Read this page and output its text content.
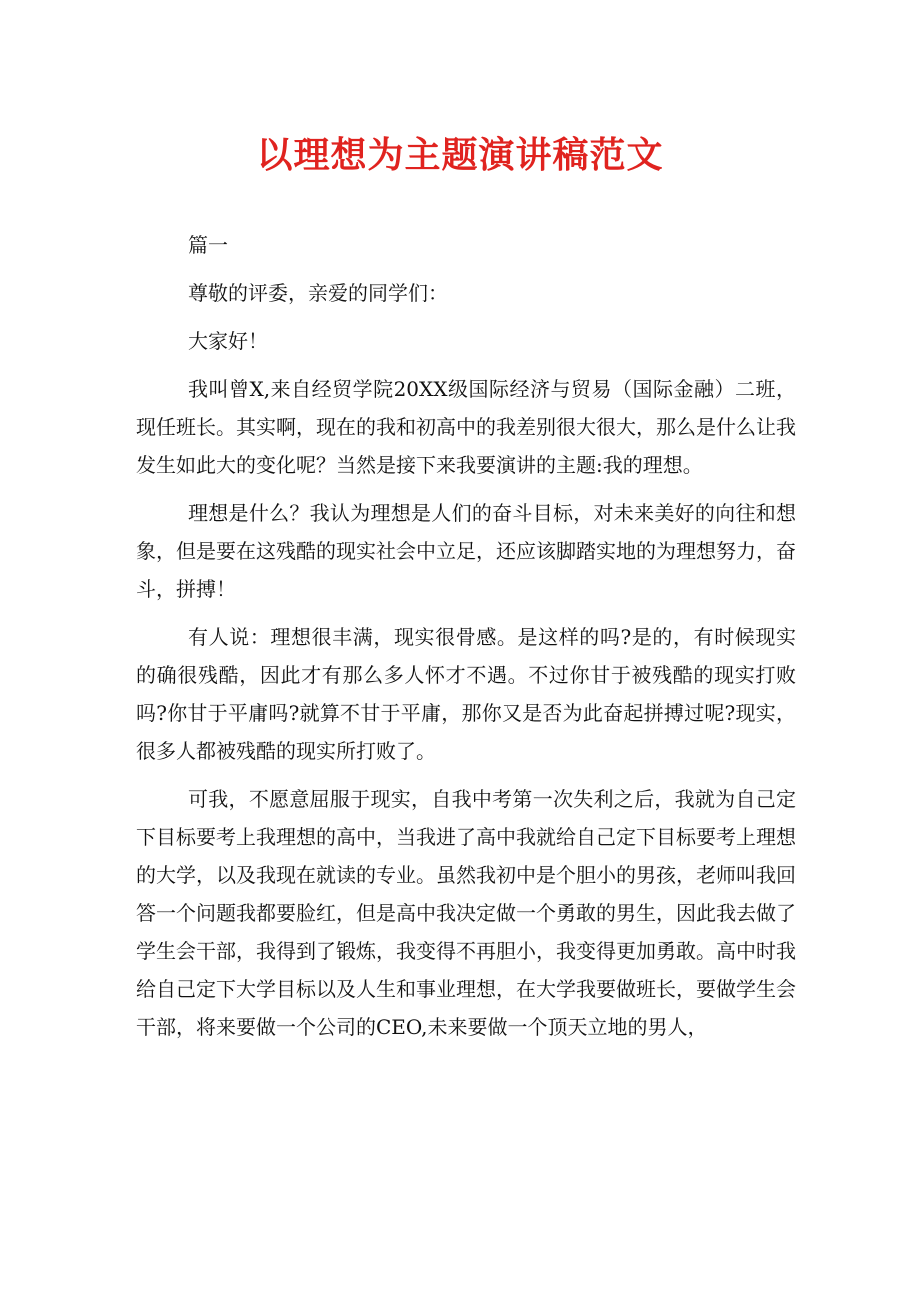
以理想为主题演讲稿范文

篇一

尊敬的评委，亲爱的同学们：

大家好！

我叫曾X,来自经贸学院20XX级国际经济与贸易（国际金融）二班，现任班长。其实啊，现在的我和初高中的我差别很大很大，那么是什么让我发生如此大的变化呢？当然是接下来我要演讲的主题:我的理想。

理想是什么？我认为理想是人们的奋斗目标，对未来美好的向往和想象，但是要在这残酷的现实社会中立足，还应该脚踏实地的为理想努力，奋斗，拼搏！

有人说：理想很丰满，现实很骨感。是这样的吗?是的，有时候现实的确很残酷，因此才有那么多人怀才不遇。不过你甘于被残酷的现实打败吗?你甘于平庸吗?就算不甘于平庸，那你又是否为此奋起拼搏过呢?现实，很多人都被残酷的现实所打败了。

可我，不愿意屈服于现实，自我中考第一次失利之后，我就为自己定下目标要考上我理想的高中，当我进了高中我就给自己定下目标要考上理想的大学，以及我现在就读的专业。虽然我初中是个胆小的男孩，老师叫我回答一个问题我都要脸红，但是高中我决定做一个勇敢的男生，因此我去做了学生会干部，我得到了锻炼，我变得不再胆小，我变得更加勇敢。高中时我给自己定下大学目标以及人生和事业理想，在大学我要做班长，要做学生会干部，将来要做一个公司的CEO,未来要做一个顶天立地的男人，
